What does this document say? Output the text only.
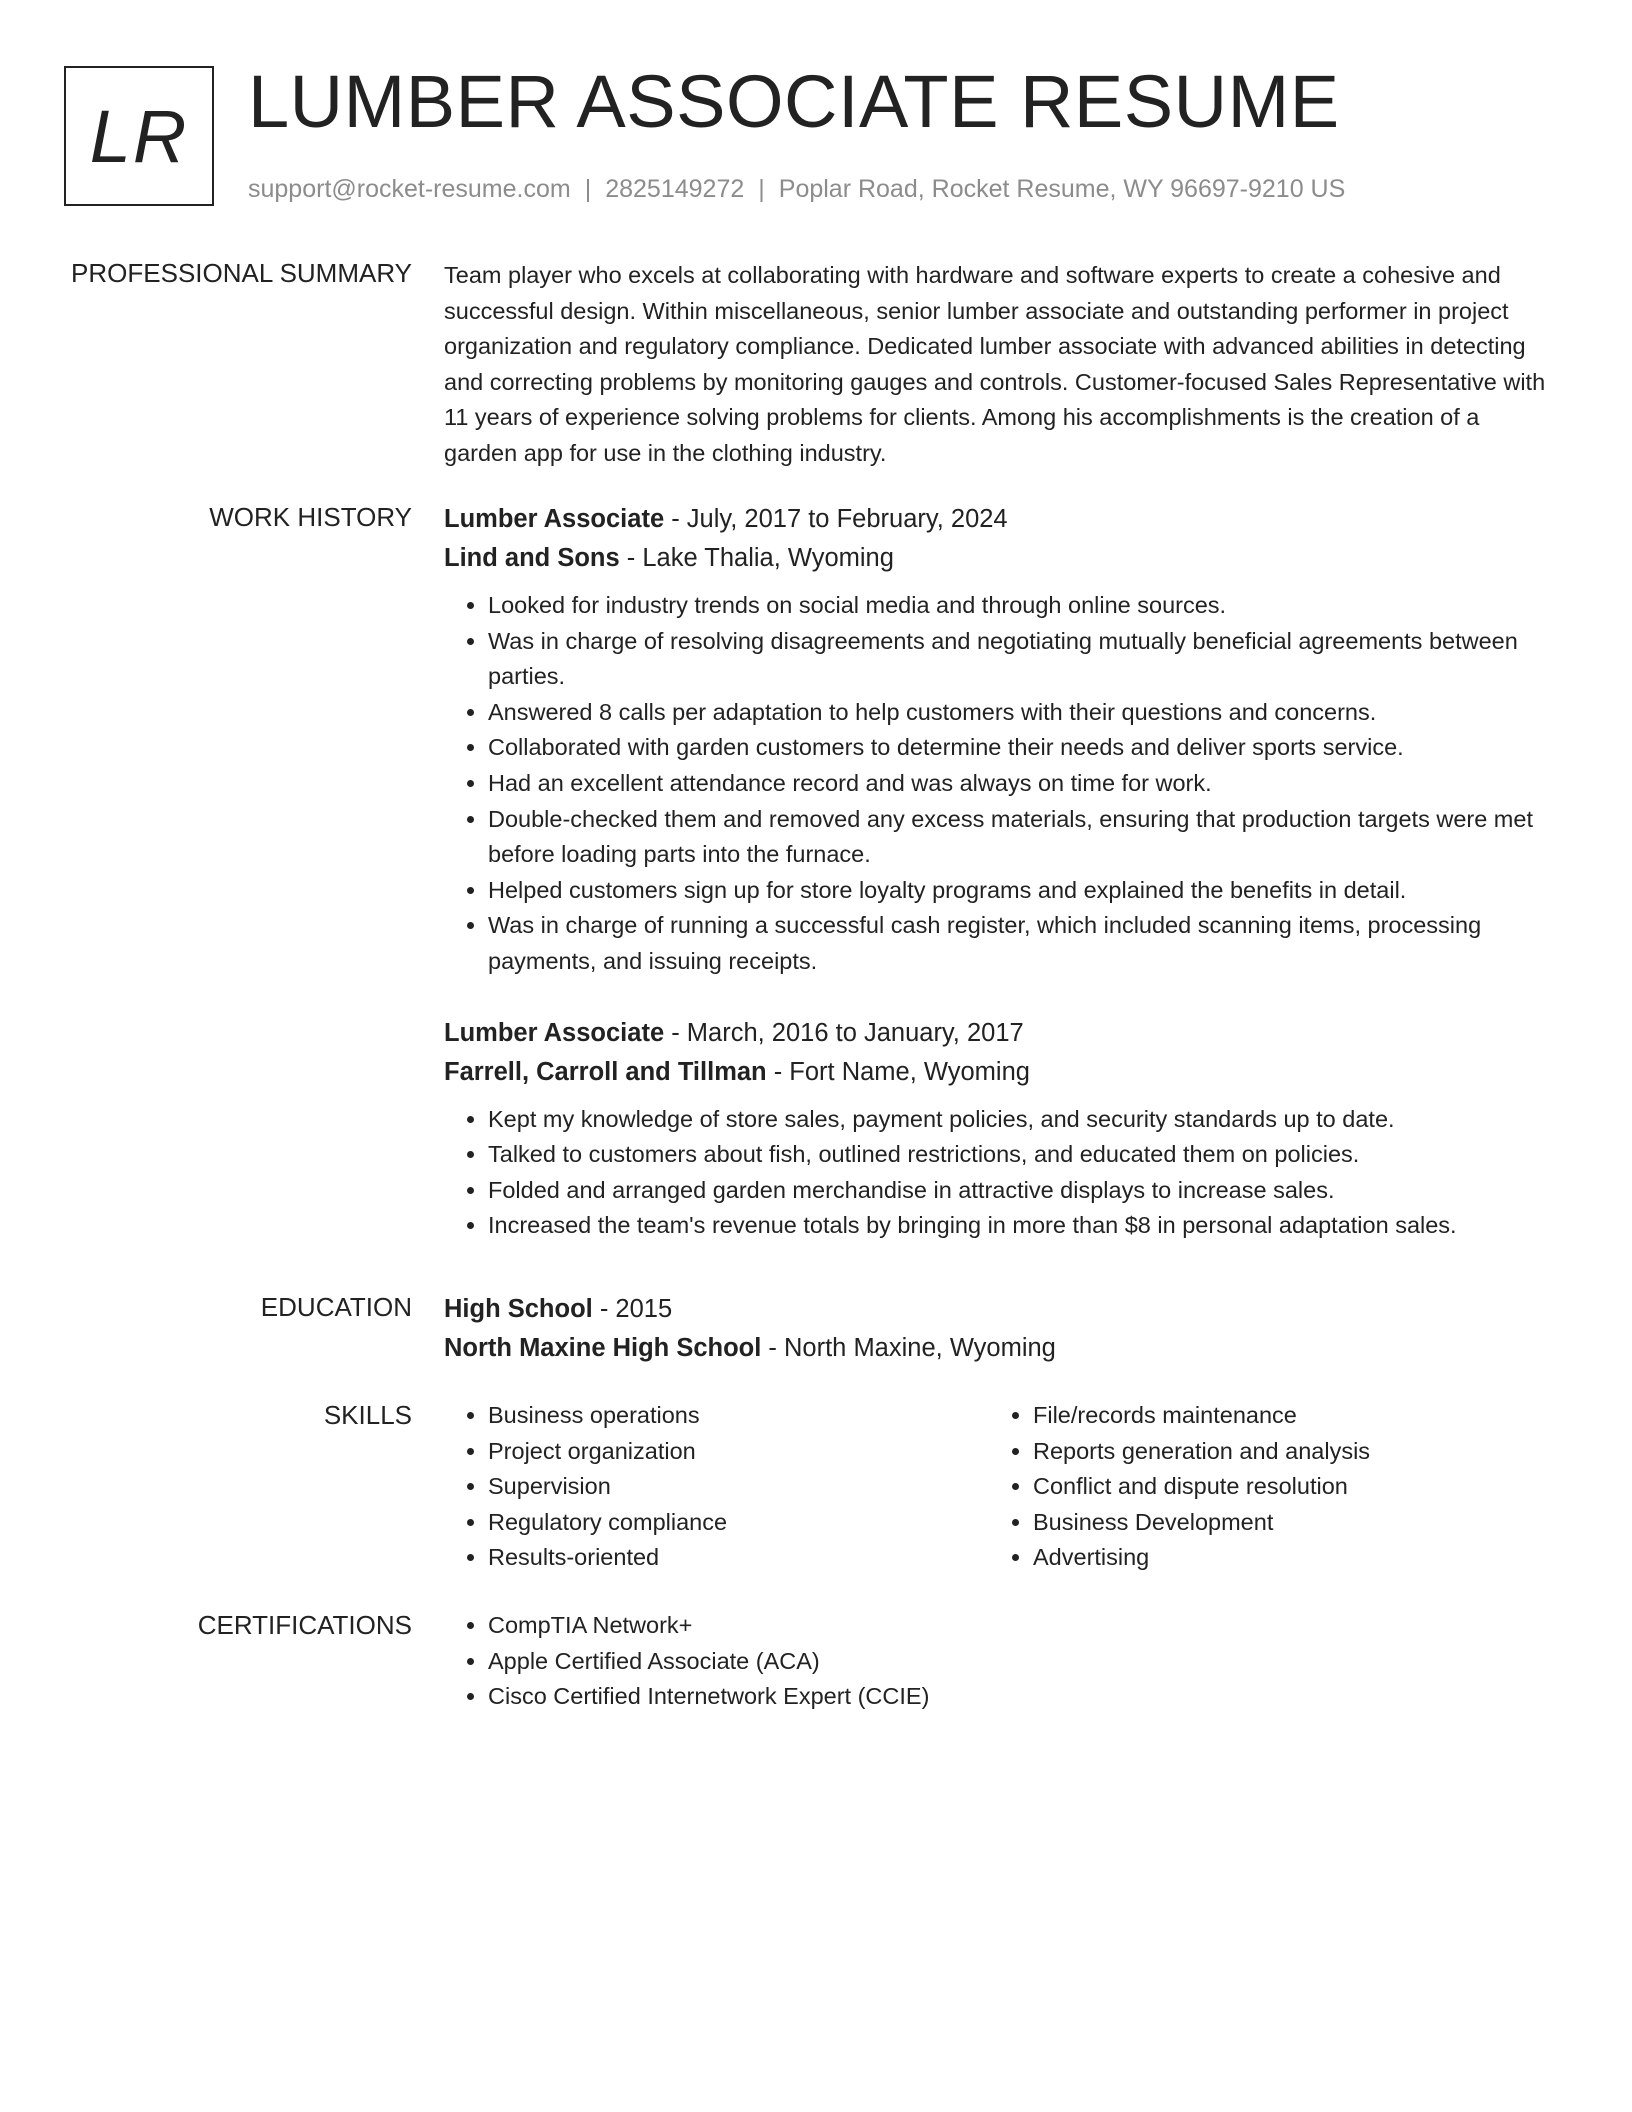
LR LUMBER ASSOCIATE RESUME
support@rocket-resume.com | 2825149272 | Poplar Road, Rocket Resume, WY 96697-9210 US
PROFESSIONAL SUMMARY Team player who excels at collaborating with hardware and software experts to create a cohesive and successful design. Within miscellaneous, senior lumber associate and outstanding performer in project organization and regulatory compliance. Dedicated lumber associate with advanced abilities in detecting and correcting problems by monitoring gauges and controls. Customer-focused Sales Representative with 11 years of experience solving problems for clients. Among his accomplishments is the creation of a garden app for use in the clothing industry.

WORK HISTORY Lumber Associate - July, 2017 to February, 2024
Lind and Sons - Lake Thalia, Wyoming
• Looked for industry trends on social media and through online sources.
• Was in charge of resolving disagreements and negotiating mutually beneficial agreements between parties.
• Answered 8 calls per adaptation to help customers with their questions and concerns.
• Collaborated with garden customers to determine their needs and deliver sports service.
• Had an excellent attendance record and was always on time for work.
• Double-checked them and removed any excess materials, ensuring that production targets were met before loading parts into the furnace.
• Helped customers sign up for store loyalty programs and explained the benefits in detail.
• Was in charge of running a successful cash register, which included scanning items, processing payments, and issuing receipts.
Lumber Associate - March, 2016 to January, 2017
Farrell, Carroll and Tillman - Fort Name, Wyoming
• Kept my knowledge of store sales, payment policies, and security standards up to date.
• Talked to customers about fish, outlined restrictions, and educated them on policies.
• Folded and arranged garden merchandise in attractive displays to increase sales.
• Increased the team's revenue totals by bringing in more than $8 in personal adaptation sales.
EDUCATION High School - 2015
North Maxine High School - North Maxine, Wyoming
SKILLS	• Business operations
• Project organization
• Supervision
• Regulatory compliance
• Results-oriented
• File/records maintenance
• Reports generation and analysis
• Conflict and dispute resolution
• Business Development
• Advertising
CERTIFICATIONS	• CompTIA Network+
• Apple Certified Associate (ACA)
• Cisco Certified Internetwork Expert (CCIE)
